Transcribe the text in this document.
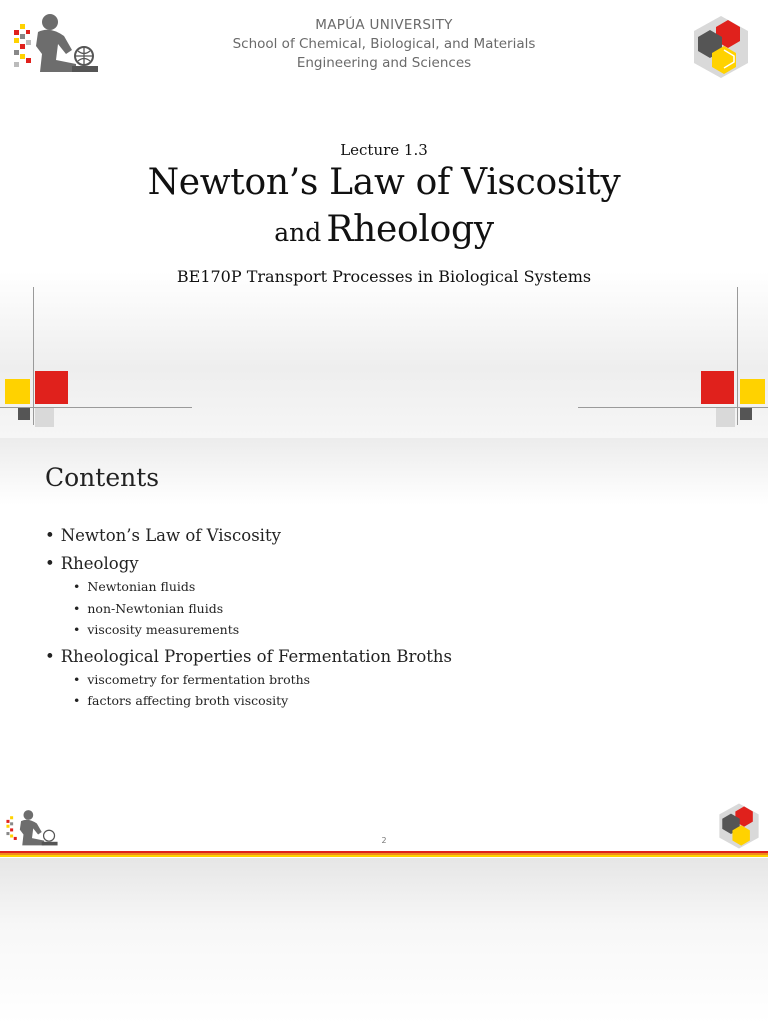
MAPÚA UNIVERSITY
School of Chemical, Biological, and Materials
Engineering and Sciences
Lecture 1.3
Newton’s Law of Viscosity
and Rheology
BE170P Transport Processes in Biological Systems
Contents
• Newton’s Law of Viscosity
• Rheology
• Newtonian fluids
• non-Newtonian fluids
• viscosity measurements
• Rheological Properties of Fermentation Broths
• viscometry for fermentation broths
• factors affecting broth viscosity
2
